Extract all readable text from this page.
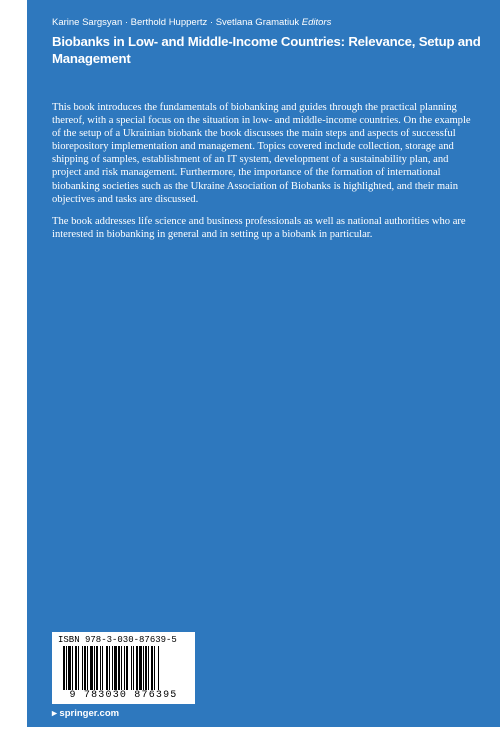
Karine Sargsyan · Berthold Huppertz · Svetlana Gramatiuk Editors
Biobanks in Low- and Middle-Income Countries: Relevance, Setup and Management

This book introduces the fundamentals of biobanking and guides through the practical planning thereof, with a special focus on the situation in low- and middle-income countries. On the example of the setup of a Ukrainian biobank the book discusses the main steps and aspects of successful biorepository implementation and management. Topics covered include collection, storage and shipping of samples, establishment of an IT system, development of a sustainability plan, and project and risk management. Furthermore, the importance of the formation of international biobanking societies such as the Ukraine Association of Biobanks is highlighted, and their main objectives and tasks are discussed.

The book addresses life science and business professionals as well as national authorities who are interested in biobanking in general and in setting up a biobank in particular.

ISBN 978-3-030-87639-5
9 783030 876395
▸ springer.com
